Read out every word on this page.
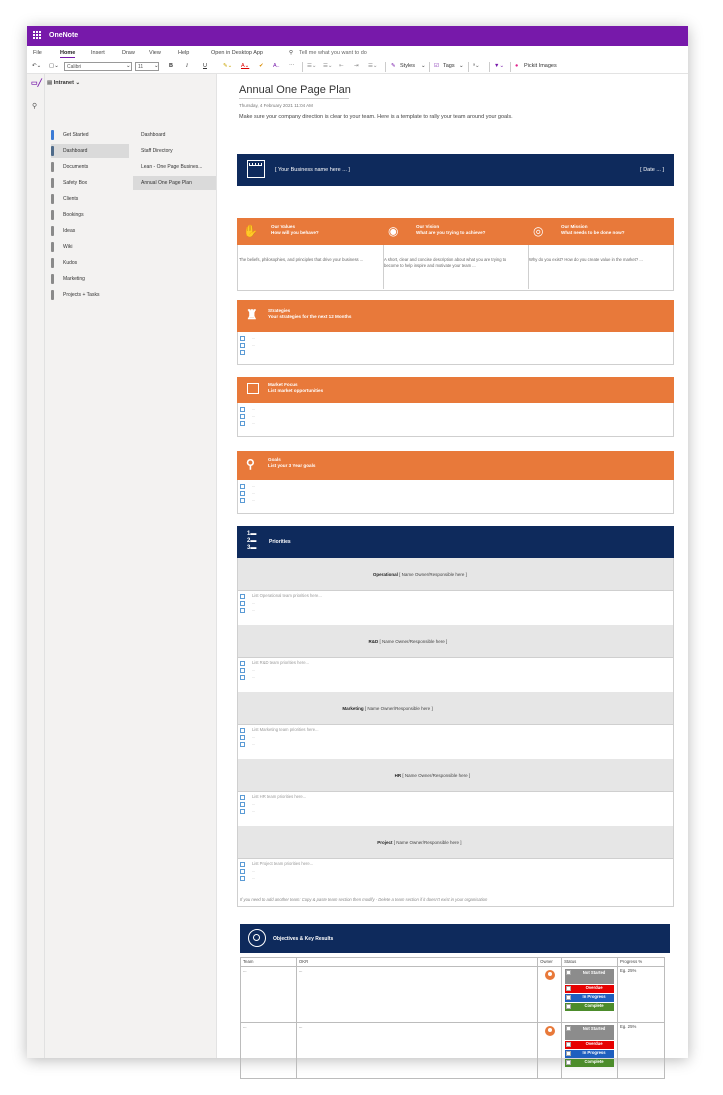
OneNote
File	Home	Insert	Draw	View	Help	Open in Desktop App	⚲ Tell me what you want to do
↶⌄ ▢⌄	Calibri	⌄	11	⌄ B I	U	✎⌄ A⌄ ✔ A₋ ⋯ ☰⌄ ☰⌄ ⇤ ⇥ ☰⌄ ✎ Styles ⌄ ☑ Tags ⌄ ᵃ⌄	▼⌄ ● Pickit Images
▭╱
⚲
▤ Intranet ⌄
Get Started
Dashboard
Documents
Safety Box
Clients
Bookings
Ideas
Wiki
Kudos
Marketing
Projects + Tasks
Dashboard
Staff Directory
Lean - One Page Busines...
Annual One Page Plan
Annual One Page Plan
Thursday, 4 February 2021 11:04 AM
Make sure your company direction is clear to your team. Here is a template to rally your team around your goals.
[ Your Business name here ... ]	[ Date ... ]
✋	Our Values
How will you behave?
The beliefs, philosophies, and principles that drive your business ...
◉	Our Vision
What are you trying to achieve?
A short, clear and concise description about what you are trying to become to help inspire and motivate your team ...
◎	Our Mission
What needs to be done now?
Why do you exist? How do you create value in the market? ...
♜ Strategies
Your strategies for the next 12 Months
...
...
Market Focus
List market opportunities
...
...
...
⚲	Goals
List your 3 Year goals
...
...
...
1▬
2▬
3▬
Priorities
Operational [ Name Owner/Responsible here ]
List Operational team priorities here...
...
...
R&D [ Name Owner/Responsible here ]
List R&D team priorities here...
...
...
Marketing [ Name Owner/Responsible here ]
List Marketing team priorities here...
...
...
HR [ Name Owner/Responsible here ]
List HR team priorities here...
...
...
Project [ Name Owner/Responsible here ]
List Project team priorities here...
...
...
If you need to add another team: Copy & paste team section then modify - Delete a team section if it doesn't exist in your organisation
Objectives & Key Results
Team	OKR	Owner	Status	Progress %
...	...		Not Started
Overdue
In Progress
Complete	Eg. 25%
...	...		Not Started
Overdue
In Progress
Complete	Eg. 25%
